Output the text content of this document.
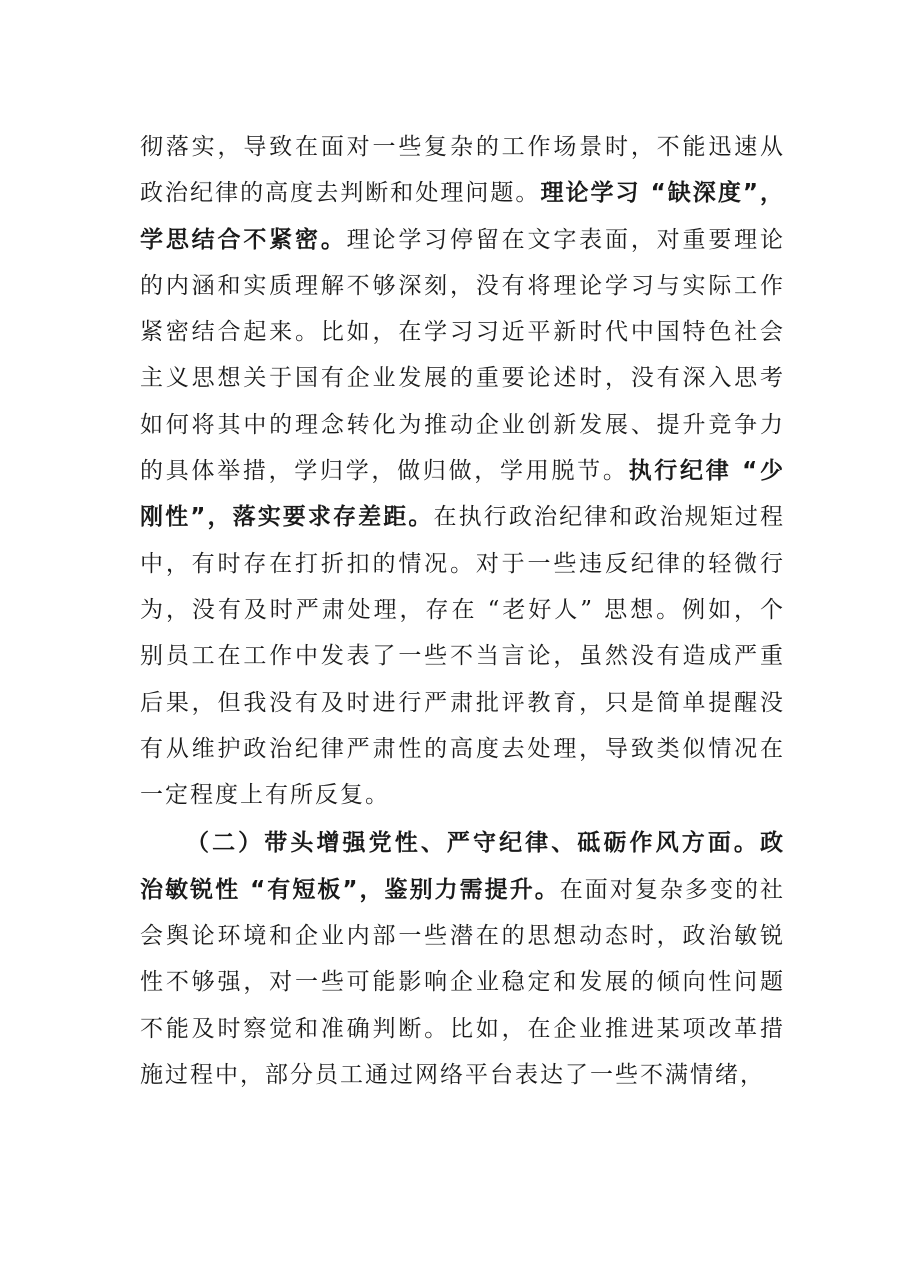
彻落实，导致在面对一些复杂的工作场景时，不能迅速从政治纪律的高度去判断和处理问题。理论学习 “缺深度”，学思结合不紧密。理论学习停留在文字表面，对重要理论的内涵和实质理解不够深刻，没有将理论学习与实际工作紧密结合起来。比如，在学习习近平新时代中国特色社会主义思想关于国有企业发展的重要论述时，没有深入思考如何将其中的理念转化为推动企业创新发展、提升竞争力的具体举措，学归学，做归做，学用脱节。执行纪律 “少刚性”，落实要求存差距。在执行政治纪律和政治规矩过程中，有时存在打折扣的情况。对于一些违反纪律的轻微行为，没有及时严肃处理，存在 “老好人” 思想。例如，个别员工在工作中发表了一些不当言论，虽然没有造成严重后果，但我没有及时进行严肃批评教育，只是简单提醒没有从维护政治纪律严肃性的高度去处理，导致类似情况在一定程度上有所反复。

（二）带头增强党性、严守纪律、砥砺作风方面。政治敏锐性 “有短板”，鉴别力需提升。在面对复杂多变的社会舆论环境和企业内部一些潜在的思想动态时，政治敏锐性不够强，对一些可能影响企业稳定和发展的倾向性问题不能及时察觉和准确判断。比如，在企业推进某项改革措施过程中，部分员工通过网络平台表达了一些不满情绪，
